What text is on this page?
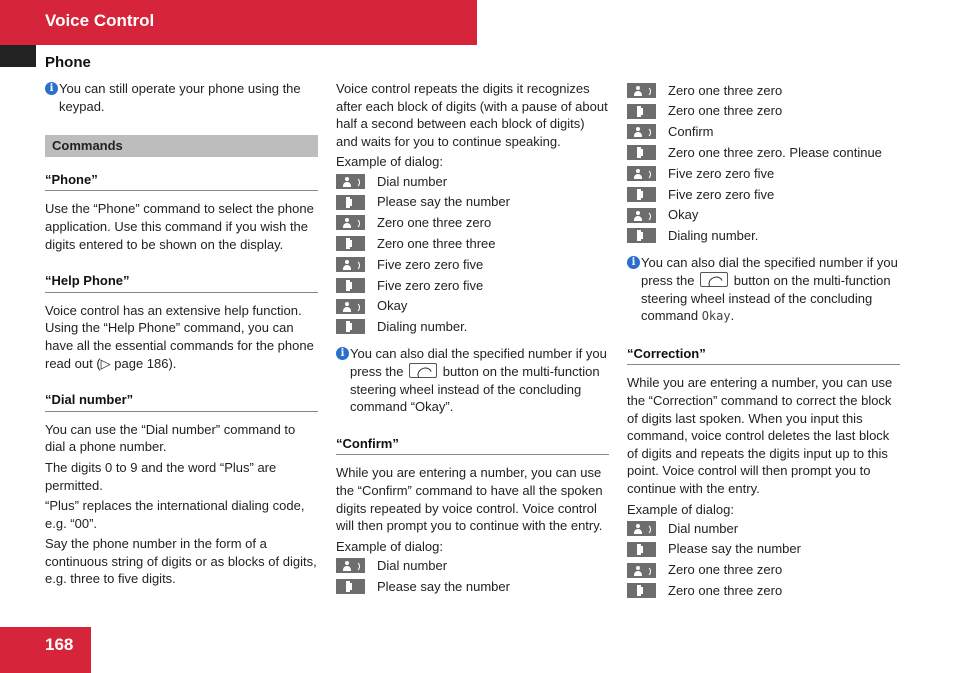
Voice Control
Phone

i You can still operate your phone using the keypad.

Commands
“Phone”

Use the “Phone” command to select the phone application. Use this command if you wish the digits entered to be shown on the display.

“Help Phone”

Voice control has an extensive help function. Using the “Help Phone” command, you can have all the essential commands for the phone read out (▷ page 186).

“Dial number”

You can use the “Dial number” command to dial a phone number.

The digits 0 to 9 and the word “Plus” are permitted.

“Plus” replaces the international dialing code, e.g. “00”.

Say the phone number in the form of a continuous string of digits or as blocks of digits, e.g. three to five digits.

Voice control repeats the digits it recognizes after each block of digits (with a pause of about half a second between each block of digits) and waits for you to continue speaking.

Example of dialog:

Dial number
Please say the number
Zero one three zero
Zero one three three
Five zero zero five
Five zero zero five
Okay
Dialing number.

i You can also dial the specified number if you press the	button on the multi-function steering wheel instead of the concluding command “Okay”.

“Confirm”

While you are entering a number, you can use the “Confirm” command to have all the spoken digits repeated by voice control. Voice control will then prompt you to continue with the entry.

Example of dialog:

Dial number
Please say the number
Zero one three zero
Zero one three zero
Confirm
Zero one three zero. Please continue
Five zero zero five
Five zero zero five
Okay
Dialing number.

i You can also dial the specified number if you press the	button on the multi-function steering wheel instead of the concluding command Okay.

“Correction”

While you are entering a number, you can use the “Correction” command to correct the block of digits last spoken. When you input this command, voice control deletes the last block of digits and repeats the digits input up to this point. Voice control will then prompt you to continue with the entry.

Example of dialog:

Dial number
Please say the number
Zero one three zero
Zero one three zero
168
